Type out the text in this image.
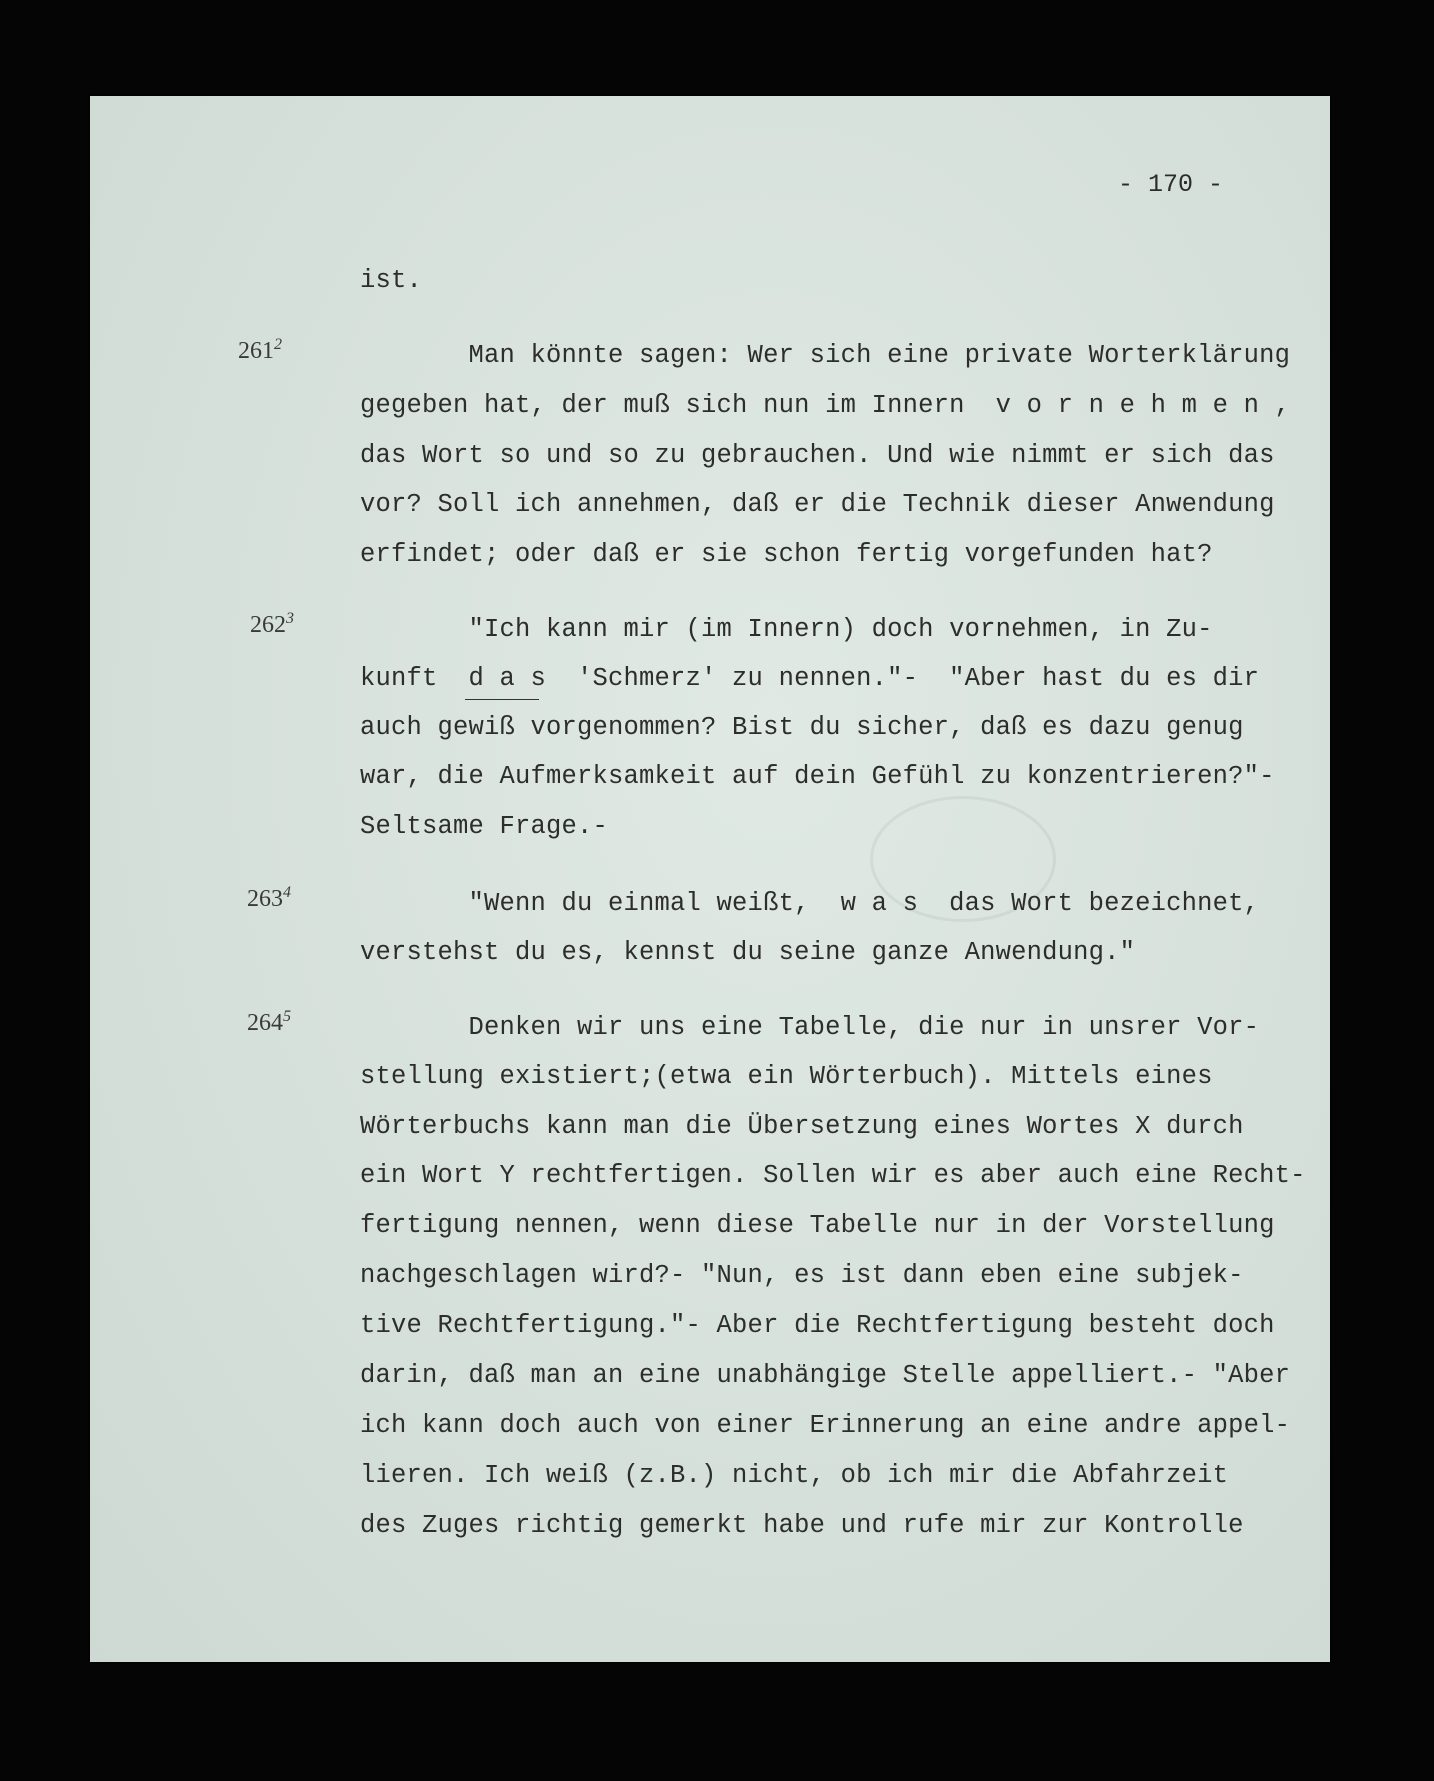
- 170 -
ist.
$261^2$	Man könnte sagen: Wer sich eine private Worterklärung
gegeben hat, der muß sich nun im Innern  v o r n e h m e n ,
das Wort so und so zu gebrauchen. Und wie nimmt er sich das
vor? Soll ich annehmen, daß er die Technik dieser Anwendung
erfindet; oder daß er sie schon fertig vorgefunden hat?
$262^3$	"Ich kann mir (im Innern) doch vornehmen, in Zu-
kunft  d a s  'Schmerz' zu nennen."-  "Aber hast du es dir
auch gewiß vorgenommen? Bist du sicher, daß es dazu genug
war, die Aufmerksamkeit auf dein Gefühl zu konzentrieren?"-
Seltsame Frage.-
$263^4$	"Wenn du einmal weißt,  w a s  das Wort bezeichnet,
verstehst du es, kennst du seine ganze Anwendung."
$264^5$	Denken wir uns eine Tabelle, die nur in unsrer Vor-
stellung existiert;(etwa ein Wörterbuch). Mittels eines
Wörterbuchs kann man die Übersetzung eines Wortes X durch
ein Wort Y rechtfertigen. Sollen wir es aber auch eine Recht-
fertigung nennen, wenn diese Tabelle nur in der Vorstellung
nachgeschlagen wird?- "Nun, es ist dann eben eine subjek-
tive Rechtfertigung."- Aber die Rechtfertigung besteht doch
darin, daß man an eine unabhängige Stelle appelliert.- "Aber
ich kann doch auch von einer Erinnerung an eine andre appel-
lieren. Ich weiß (z.B.) nicht, ob ich mir die Abfahrzeit
des Zuges richtig gemerkt habe und rufe mir zur Kontrolle
